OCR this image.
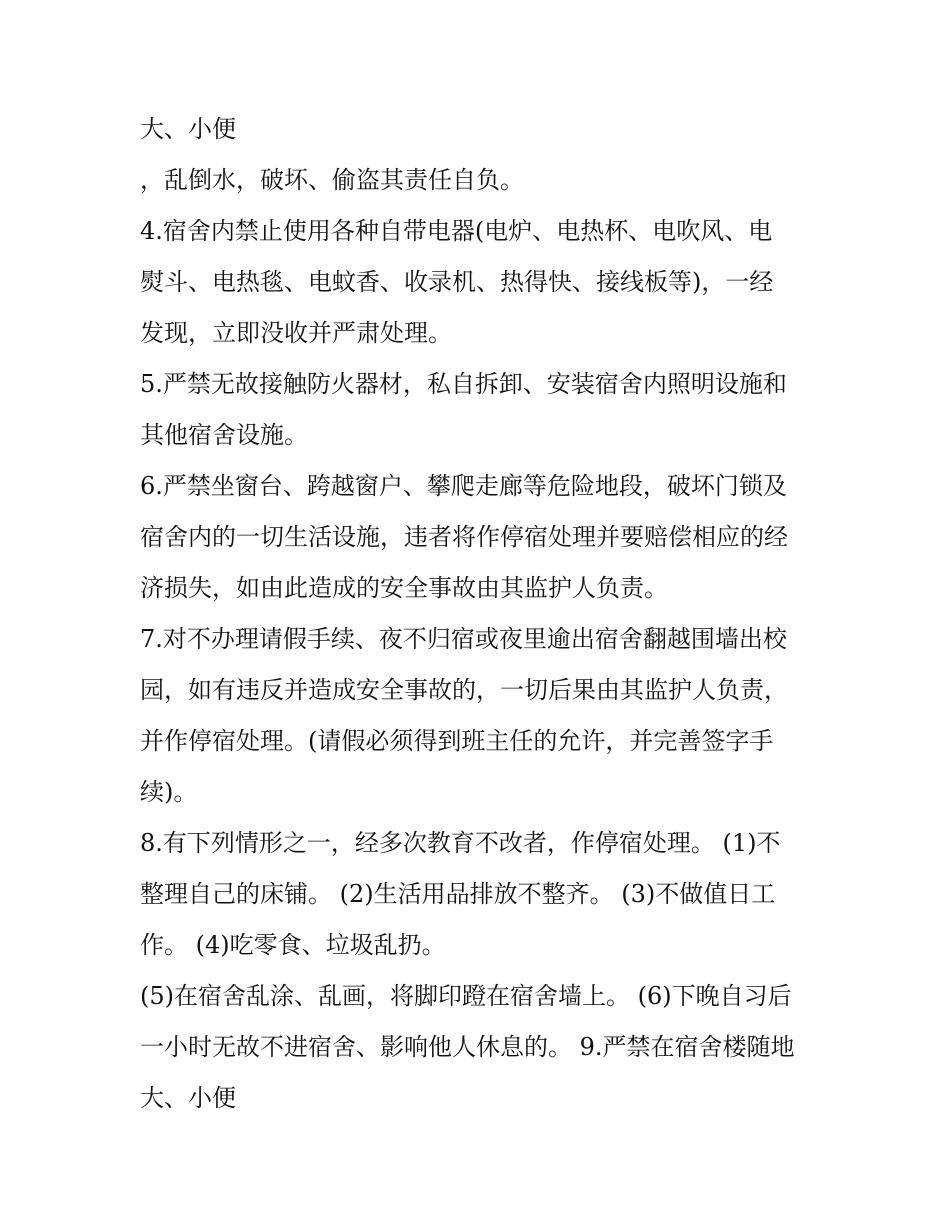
大、小便
，乱倒水，破坏、偷盗其责任自负。
4.宿舍内禁止使用各种自带电器(电炉、电热杯、电吹风、电
熨斗、电热毯、电蚊香、收录机、热得快、接线板等)，一经
发现，立即没收并严肃处理。
5.严禁无故接触防火器材，私自拆卸、安装宿舍内照明设施和
其他宿舍设施。
6.严禁坐窗台、跨越窗户、攀爬走廊等危险地段，破坏门锁及
宿舍内的一切生活设施，违者将作停宿处理并要赔偿相应的经
济损失，如由此造成的安全事故由其监护人负责。
7.对不办理请假手续、夜不归宿或夜里逾出宿舍翻越围墙出校
园，如有违反并造成安全事故的，一切后果由其监护人负责，
并作停宿处理。(请假必须得到班主任的允许，并完善签字手
续)。
8.有下列情形之一，经多次教育不改者，作停宿处理。 (1)不
整理自己的床铺。 (2)生活用品排放不整齐。 (3)不做值日工
作。 (4)吃零食、垃圾乱扔。
(5)在宿舍乱涂、乱画，将脚印蹬在宿舍墙上。 (6)下晚自习后
一小时无故不进宿舍、影响他人休息的。 9.严禁在宿舍楼随地
大、小便
